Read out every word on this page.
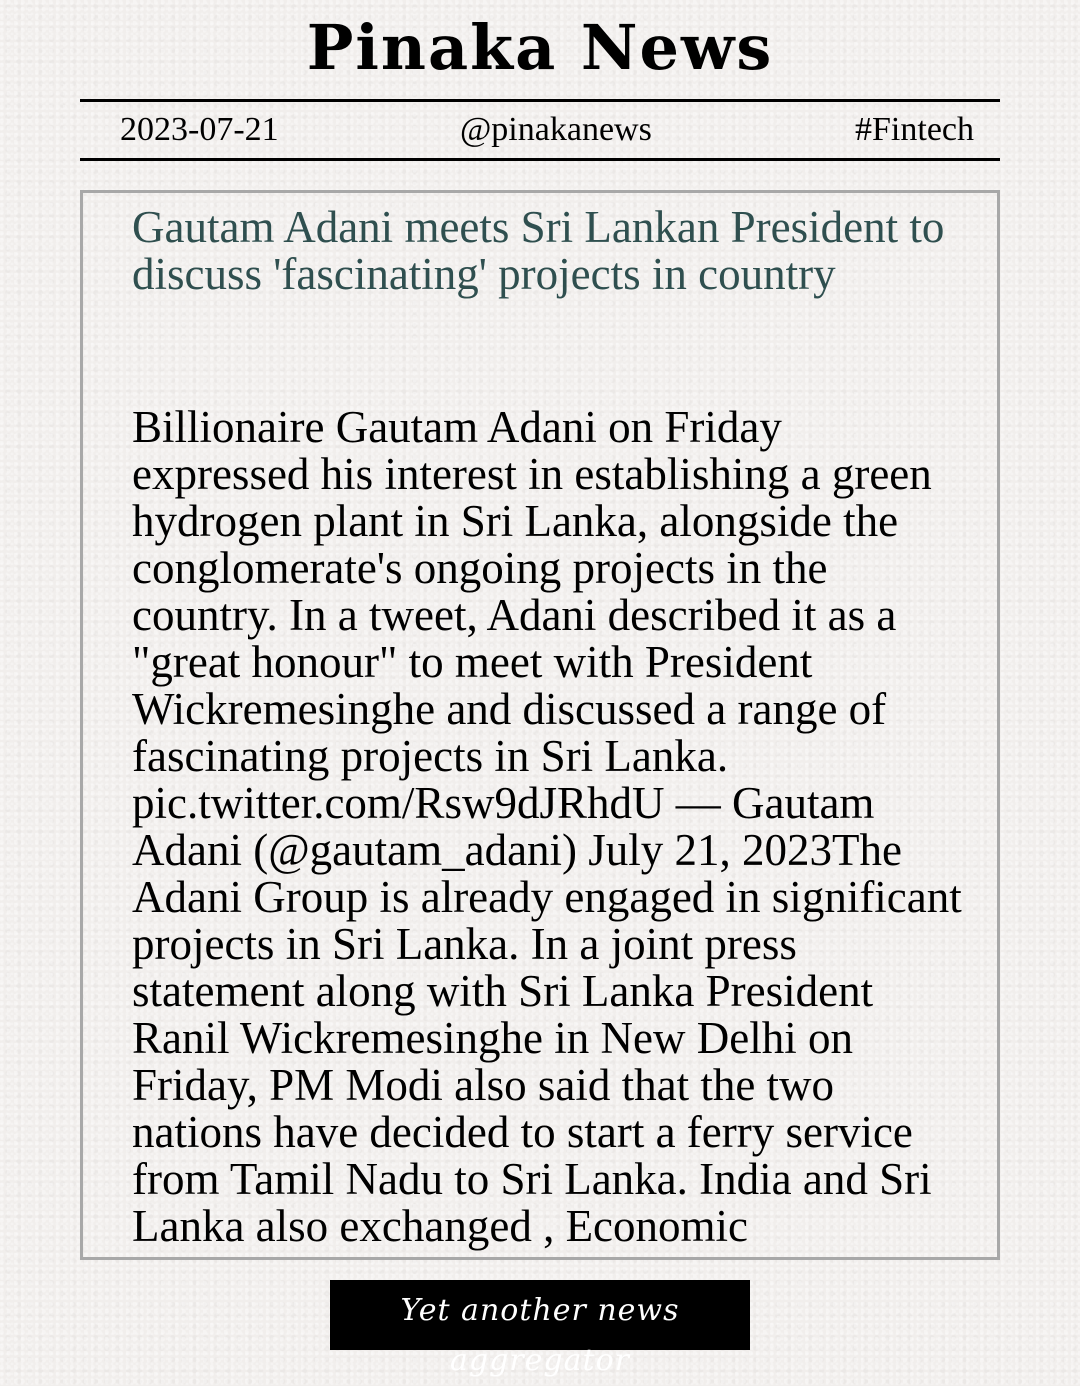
Pinaka News
2023-07-21	@pinakanews	#Fintech
Gautam Adani meets Sri Lankan President to discuss 'fascinating' projects in country

Billionaire Gautam Adani on Friday expressed his interest in establishing a green hydrogen plant in Sri Lanka, alongside the conglomerate's ongoing projects in the country. In a tweet, Adani described it as a "great honour" to meet with President Wickremesinghe and discussed a range of fascinating projects in Sri Lanka. pic.twitter.com/Rsw9dJRhdU — Gautam Adani (@gautam_adani) July 21, 2023The Adani Group is already engaged in significant projects in Sri Lanka. In a joint press statement along with Sri Lanka President Ranil Wickremesinghe in New Delhi on Friday, PM Modi also said that the two nations have decided to start a ferry service from Tamil Nadu to Sri Lanka. India and Sri Lanka also exchanged , Economic

Yet another news aggregator
